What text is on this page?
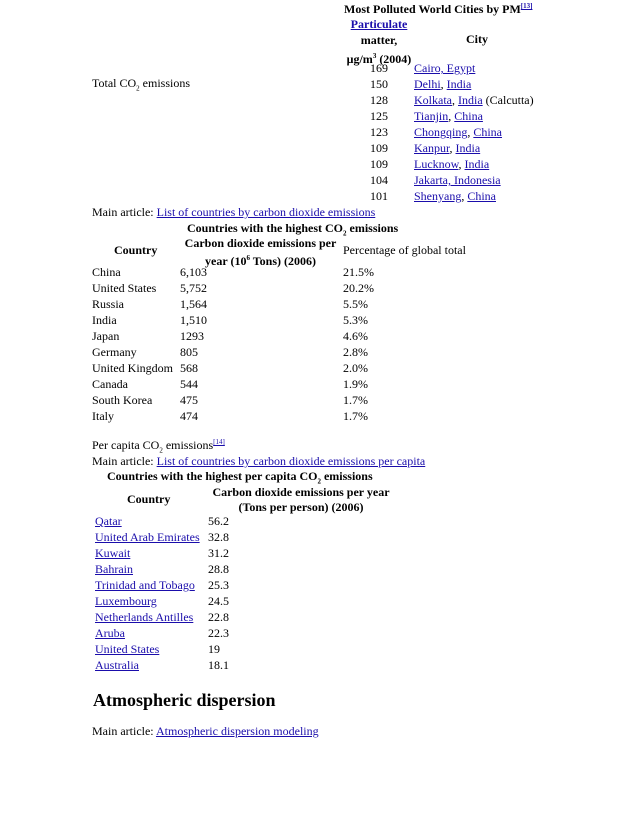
Most Polluted World Cities by PM[13]
Particulate
matter,
$\mu g/m^3$ (2004)
City
169	Cairo, Egypt
150	Delhi, India
128	Kolkata, India (Calcutta)
125	Tianjin, China
123	Chongqing, China
109	Kanpur, India
109	Lucknow, India
104	Jakarta, Indonesia
101	Shenyang, China
Total $CO_2$ emissions
Main article: List of countries by carbon dioxide emissions
Countries with the highest $CO_2$ emissions
Country	Carbon dioxide emissions per year ($10^6$ Tons) (2006)
Percentage of global total
China	6,103	21.5%
United States 5,752	20.2%
Russia	1,564	5.5%
India	1,510	5.3%
Japan	1293	4.6%
Germany	805	2.8%
United Kingdom 568	2.0%
Canada	544	1.9%
South Korea 475	1.7%
Italy	474	1.7%
Per capita $CO_2$ emissions[14]
Main article: List of countries by carbon dioxide emissions per capita
Countries with the highest per capita $CO_2$ emissions
Country	Carbon dioxide emissions per year (Tons per person) (2006)
Qatar	56.2
United Arab Emirates 32.8
Kuwait	31.2
Bahrain	28.8
Trinidad and Tobago 25.3
Luxembourg	24.5
Netherlands Antilles 22.8
Aruba	22.3
United States	19
Australia	18.1
Atmospheric dispersion
Main article: Atmospheric dispersion modeling
